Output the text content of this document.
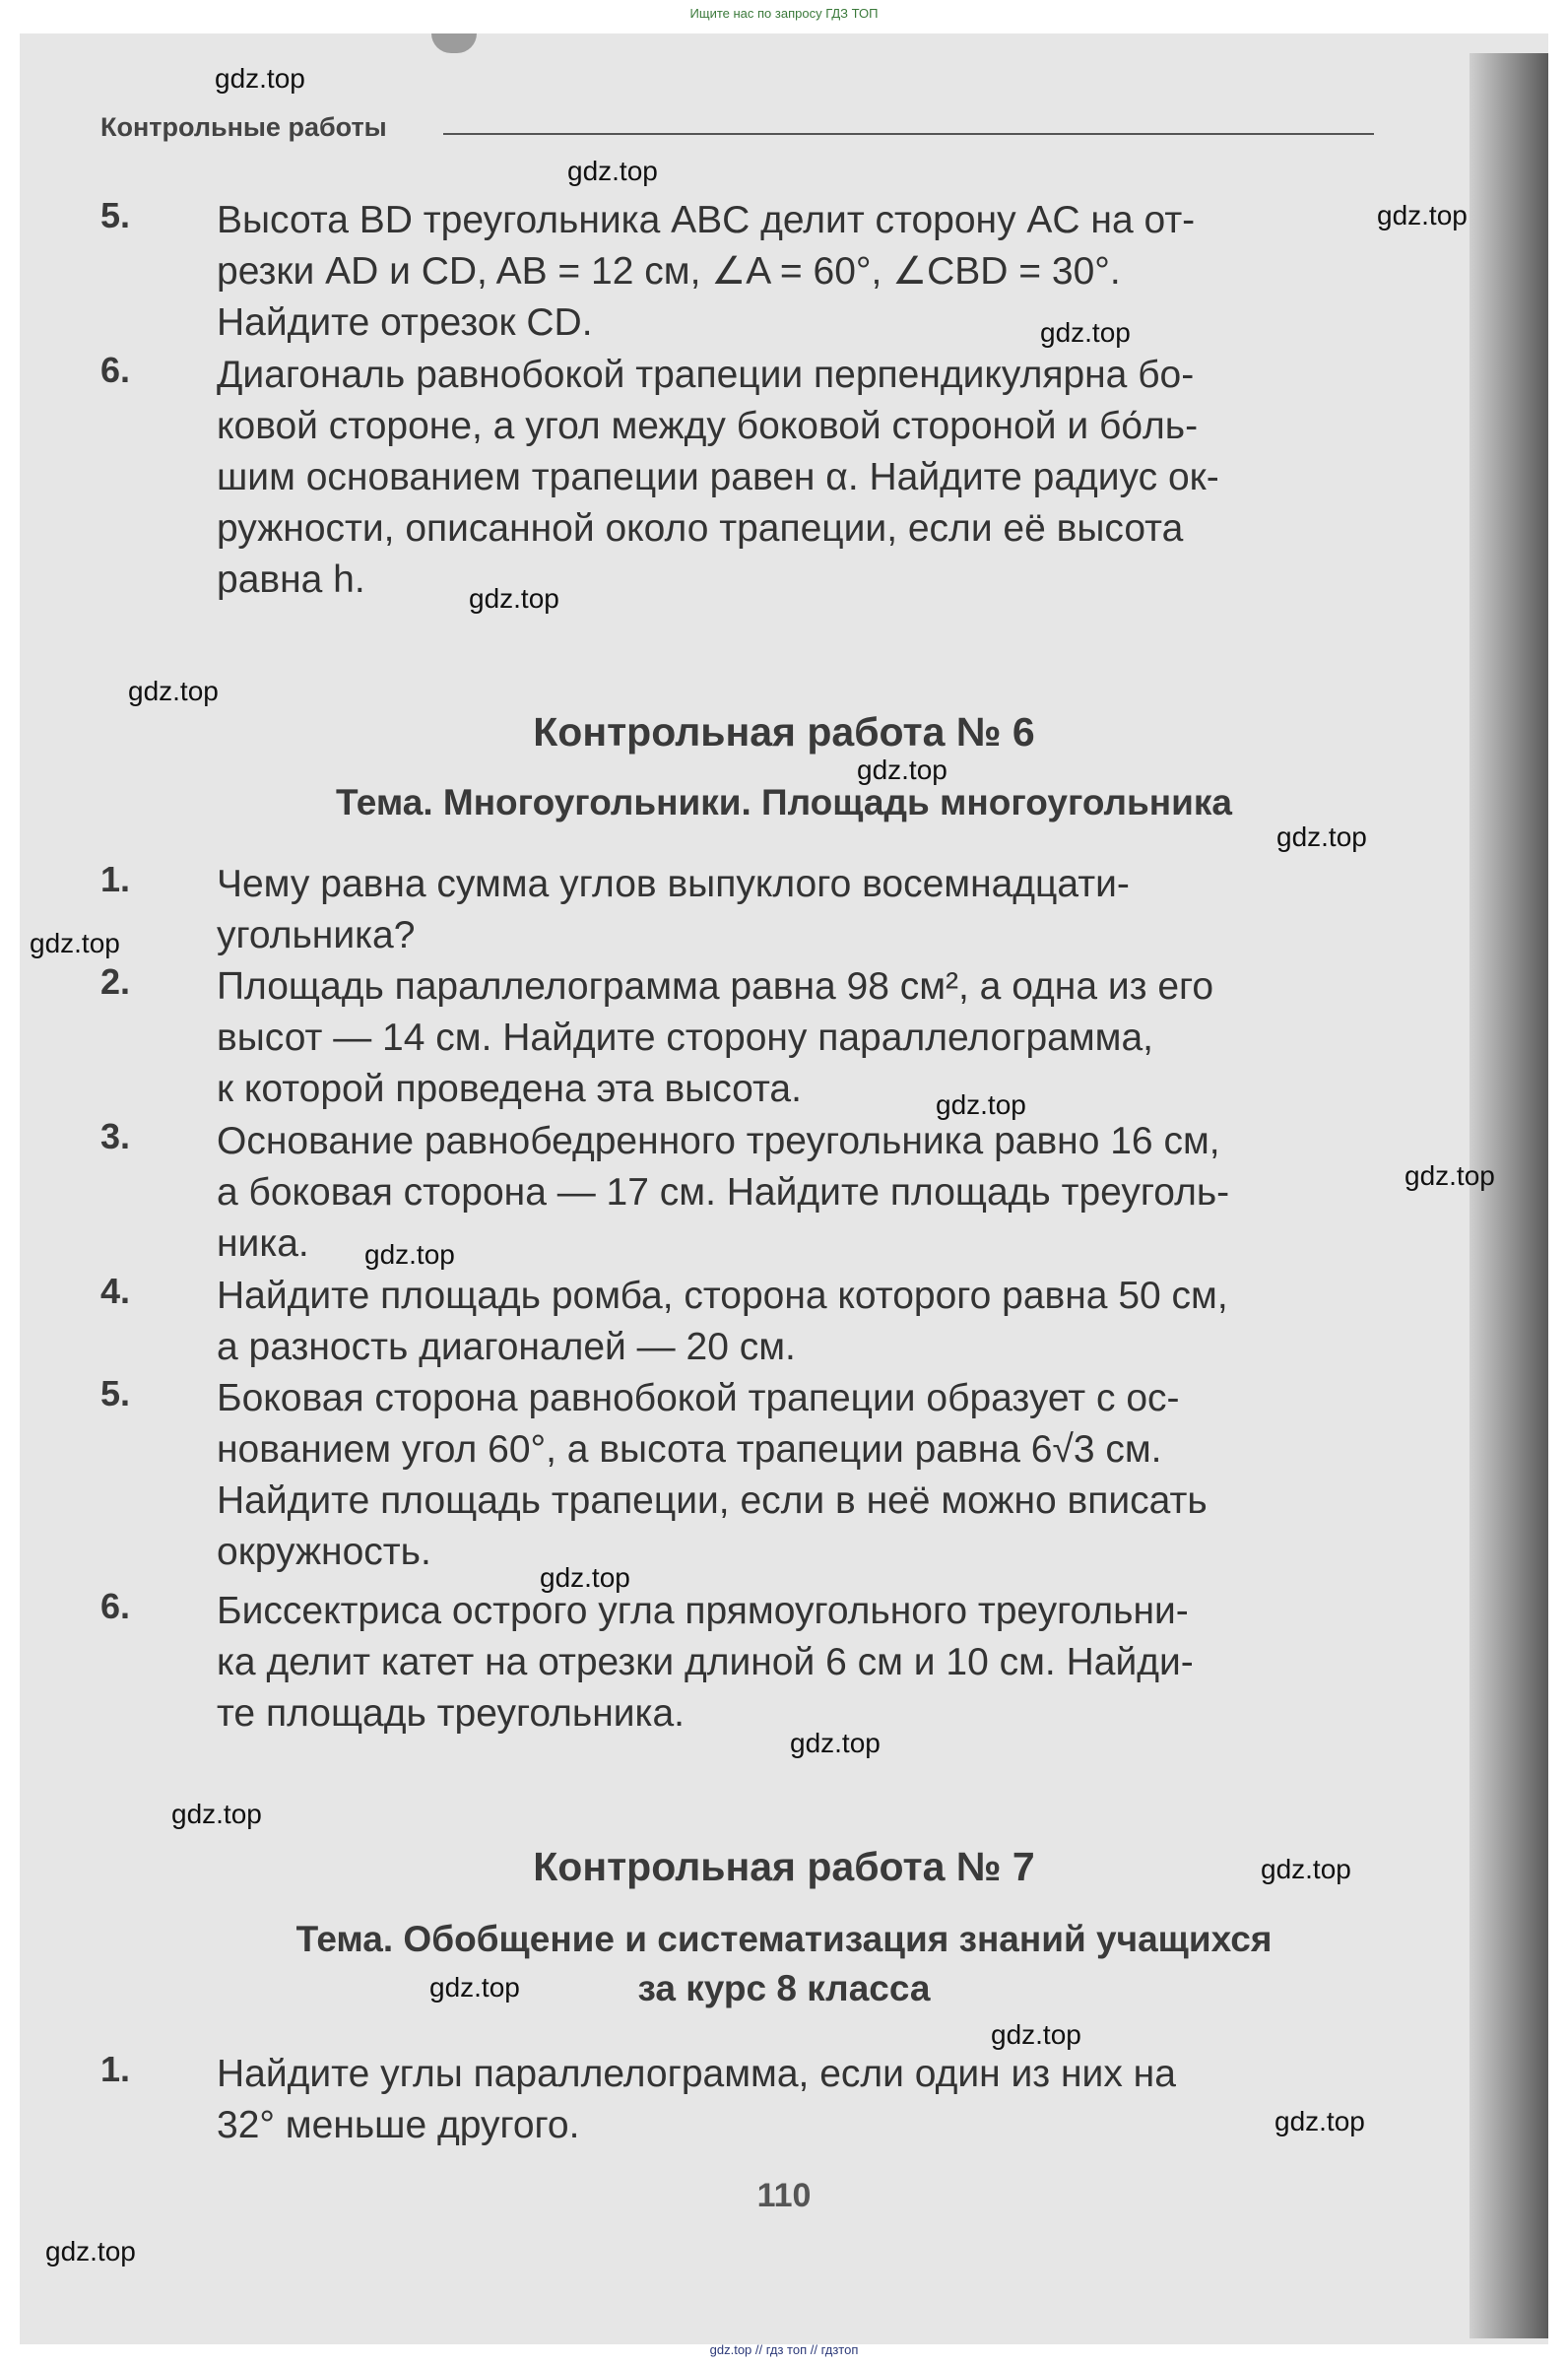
Ищите нас по запросу ГДЗ ТОП
Контрольные работы
5. Высота BD треугольника ABC делит сторону AC на от-
резки AD и CD, AB = 12 см, ∠A = 60°, ∠CBD = 30°.
Найдите отрезок CD.
6. Диагональ равнобокой трапеции перпендикулярна бо-
ковой стороне, а угол между боковой стороной и бо́ль-
шим основанием трапеции равен α. Найдите радиус ок-
ружности, описанной около трапеции, если её высота
равна h.
Контрольная работа № 6
Тема. Многоугольники. Площадь многоугольника
1. Чему равна сумма углов выпуклого восемнадцати-
угольника?
2. Площадь параллелограмма равна 98 см², а одна из его
высот — 14 см. Найдите сторону параллелограмма,
к которой проведена эта высота.
3. Основание равнобедренного треугольника равно 16 см,
а боковая сторона — 17 см. Найдите площадь треуголь-
ника.
4. Найдите площадь ромба, сторона которого равна 50 см,
а разность диагоналей — 20 см.
5. Боковая сторона равнобокой трапеции образует с ос-
нованием угол 60°, а высота трапеции равна 6√3 см.
Найдите площадь трапеции, если в неё можно вписать
окружность.
6. Биссектриса острого угла прямоугольного треугольни-
ка делит катет на отрезки длиной 6 см и 10 см. Найди-
те площадь треугольника.
Контрольная работа № 7
Тема. Обобщение и систематизация знаний учащихся
за курс 8 класса
1. Найдите углы параллелограмма, если один из них на
32° меньше другого.
110
gdz.top
gdz.top
gdz.top
gdz.top
gdz.top
gdz.top
gdz.top
gdz.top
gdz.top
gdz.top
gdz.top
gdz.top
gdz.top
gdz.top
gdz.top
gdz.top
gdz.top
gdz.top
gdz.top
gdz.top
gdz.top // гдз топ // гдзтоп
